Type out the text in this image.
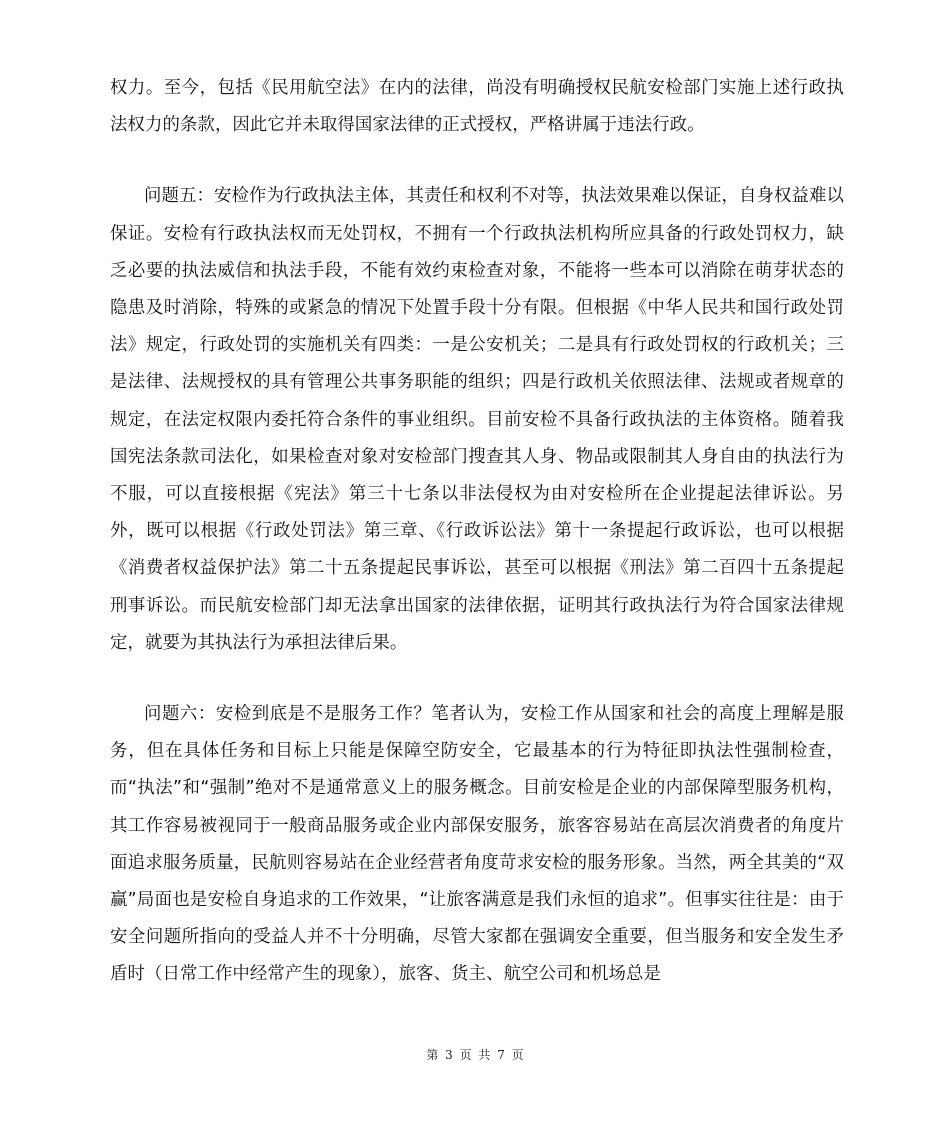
权力。至今，包括《民用航空法》在内的法律，尚没有明确授权民航安检部门实施上述行政执法权力的条款，因此它并未取得国家法律的正式授权，严格讲属于违法行政。

问题五：安检作为行政执法主体，其责任和权利不对等，执法效果难以保证，自身权益难以保证。安检有行政执法权而无处罚权，不拥有一个行政执法机构所应具备的行政处罚权力，缺乏必要的执法威信和执法手段，不能有效约束检查对象，不能将一些本可以消除在萌芽状态的隐患及时消除，特殊的或紧急的情况下处置手段十分有限。但根据《中华人民共和国行政处罚法》规定，行政处罚的实施机关有四类：一是公安机关；二是具有行政处罚权的行政机关；三是法律、法规授权的具有管理公共事务职能的组织；四是行政机关依照法律、法规或者规章的规定，在法定权限内委托符合条件的事业组织。目前安检不具备行政执法的主体资格。随着我国宪法条款司法化，如果检查对象对安检部门搜查其人身、物品或限制其人身自由的执法行为不服，可以直接根据《宪法》第三十七条以非法侵权为由对安检所在企业提起法律诉讼。另外，既可以根据《行政处罚法》第三章、《行政诉讼法》第十一条提起行政诉讼，也可以根据《消费者权益保护法》第二十五条提起民事诉讼，甚至可以根据《刑法》第二百四十五条提起刑事诉讼。而民航安检部门却无法拿出国家的法律依据，证明其行政执法行为符合国家法律规定，就要为其执法行为承担法律后果。

问题六：安检到底是不是服务工作？笔者认为，安检工作从国家和社会的高度上理解是服务，但在具体任务和目标上只能是保障空防安全，它最基本的行为特征即执法性强制检查，而“执法”和“强制”绝对不是通常意义上的服务概念。目前安检是企业的内部保障型服务机构，其工作容易被视同于一般商品服务或企业内部保安服务，旅客容易站在高层次消费者的角度片面追求服务质量，民航则容易站在企业经营者角度苛求安检的服务形象。当然，两全其美的“双赢”局面也是安检自身追求的工作效果，“让旅客满意是我们永恒的追求”。但事实往往是：由于安全问题所指向的受益人并不十分明确，尽管大家都在强调安全重要，但当服务和安全发生矛盾时（日常工作中经常产生的现象），旅客、货主、航空公司和机场总是

第 3 页 共 7 页
